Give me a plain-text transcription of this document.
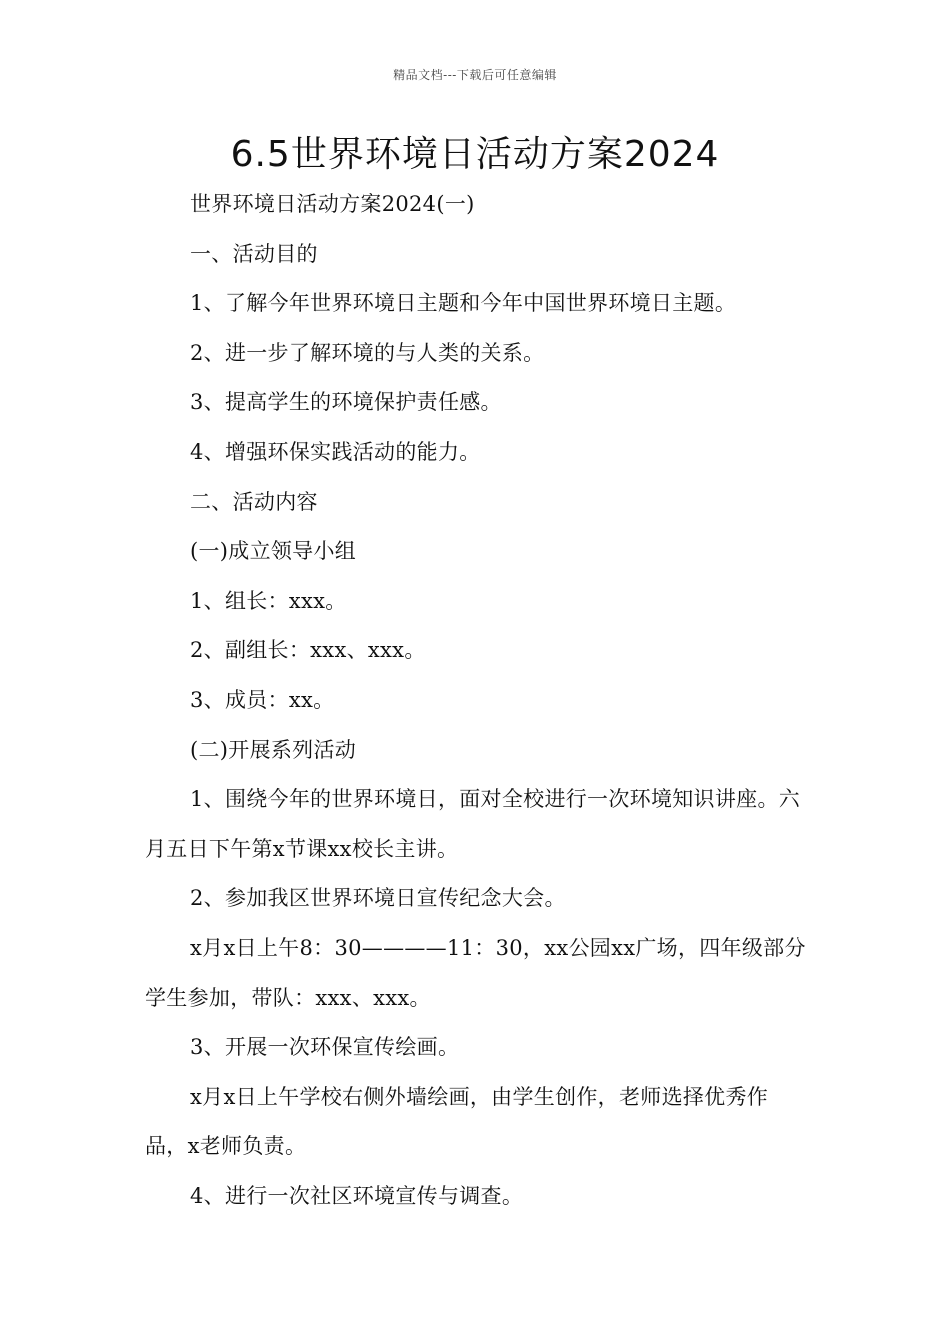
精品文档---下载后可任意编辑
6.5世界环境日活动方案2024

世界环境日活动方案2024(一)

一、活动目的

1、了解今年世界环境日主题和今年中国世界环境日主题。

2、进一步了解环境的与人类的关系。

3、提高学生的环境保护责任感。

4、增强环保实践活动的能力。

二、活动内容

(一)成立领导小组

1、组长：xxx。

2、副组长：xxx、xxx。

3、成员：xx。

(二)开展系列活动

1、围绕今年的世界环境日，面对全校进行一次环境知识讲座。六月五日下午第x节课xx校长主讲。

2、参加我区世界环境日宣传纪念大会。

x月x日上午8：30————11：30，xx公园xx广场，四年级部分学生参加，带队：xxx、xxx。

3、开展一次环保宣传绘画。

x月x日上午学校右侧外墙绘画，由学生创作，老师选择优秀作品，x老师负责。

4、进行一次社区环境宣传与调查。
